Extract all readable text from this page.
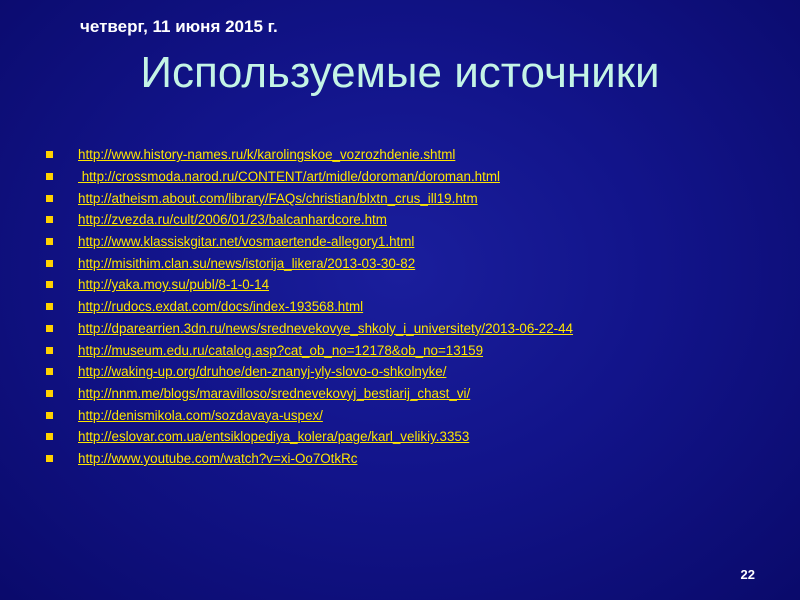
четверг, 11 июня 2015 г.
Используемые источники
http://www.history-names.ru/k/karolingskoe_vozrozhdenie.shtml
http://crossmoda.narod.ru/CONTENT/art/midle/doroman/doroman.html
http://atheism.about.com/library/FAQs/christian/blxtn_crus_ill19.htm
http://zvezda.ru/cult/2006/01/23/balcanhardcore.htm
http://www.klassiskgitar.net/vosmaertende-allegory1.html
http://misithim.clan.su/news/istorija_likera/2013-03-30-82
http://yaka.moy.su/publ/8-1-0-14
http://rudocs.exdat.com/docs/index-193568.html
http://dparearrien.3dn.ru/news/srednevekovye_shkoly_i_universitety/2013-06-22-44
http://museum.edu.ru/catalog.asp?cat_ob_no=12178&ob_no=13159
http://waking-up.org/druhoe/den-znanyj-yly-slovo-o-shkolnyke/
http://nnm.me/blogs/maravilloso/srednevekovyj_bestiarij_chast_vi/
http://denismikola.com/sozdavaya-uspex/
http://eslovar.com.ua/entsiklopediya_kolera/page/karl_velikiy.3353
http://www.youtube.com/watch?v=xi-Oo7OtkRc
22
